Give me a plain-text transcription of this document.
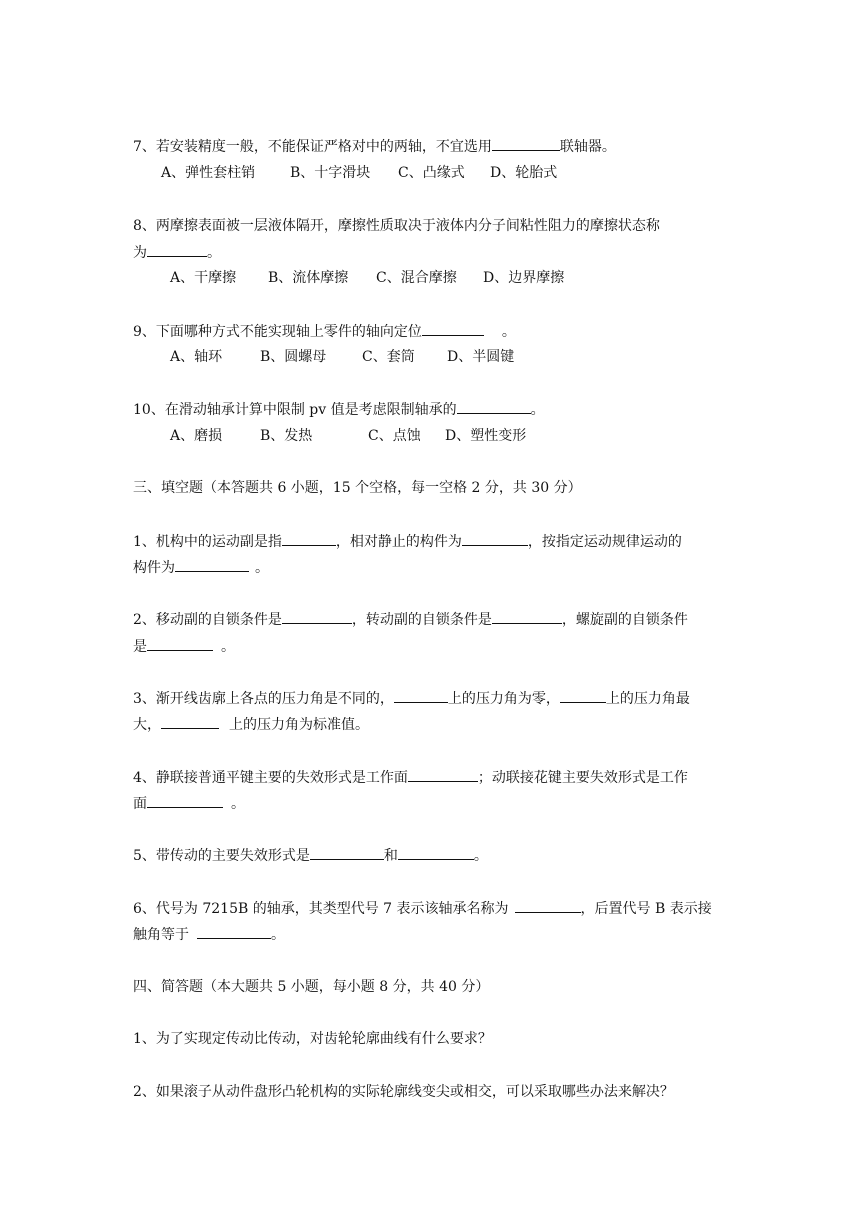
7、若安装精度一般，不能保证严格对中的两轴，不宜选用	联轴器。
A、弹性套柱销 B、十字滑块 C、凸缘式 D、轮胎式
8、两摩擦表面被一层液体隔开，摩擦性质取决于液体内分子间粘性阻力的摩擦状态称
为	。
A、干摩擦 B、流体摩擦 C、混合摩擦 D、边界摩擦
9、下面哪种方式不能实现轴上零件的轴向定位	。
A、轴环	B、圆螺母	C、套筒 D、半圆键
10、在滑动轴承计算中限制 pv 值是考虑限制轴承的	。
A、磨损	B、发热	C、点蚀 D、塑性变形
三、填空题（本答题共 6 小题，15 个空格，每一空格 2 分，共 30 分）
1、机构中的运动副是指	，相对静止的构件为	，按指定运动规律运动的
构件为	。
2、移动副的自锁条件是	，转动副的自锁条件是	，螺旋副的自锁条件
是	。
3、渐开线齿廓上各点的压力角是不同的，	上的压力角为零，	上的压力角最
大，	上的压力角为标准值。
4、静联接普通平键主要的失效形式是工作面	；动联接花键主要失效形式是工作
面	。
5、带传动的主要失效形式是	和	。
6、代号为 7215B 的轴承，其类型代号 7 表示该轴承名称为	，后置代号 B 表示接
触角等于	。
四、简答题（本大题共 5 小题，每小题 8 分，共 40 分）
1、为了实现定传动比传动，对齿轮轮廓曲线有什么要求？
2、如果滚子从动件盘形凸轮机构的实际轮廓线变尖或相交，可以采取哪些办法来解决？
